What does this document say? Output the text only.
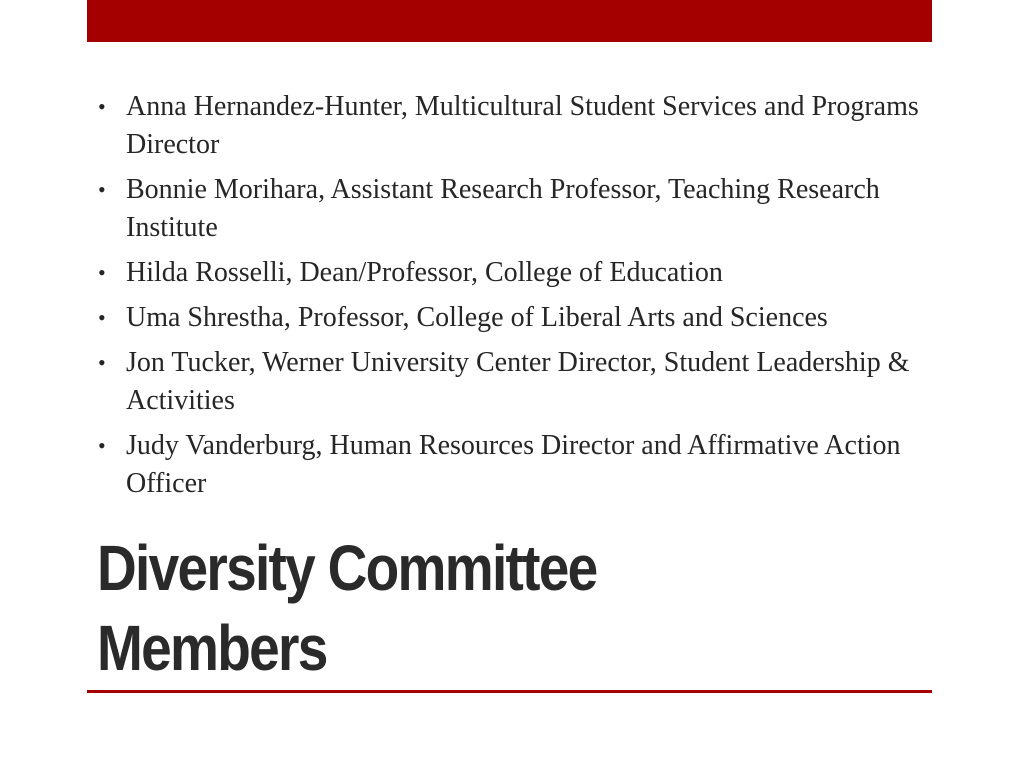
• Anna Hernandez-Hunter, Multicultural Student Services and Programs Director
• Bonnie Morihara, Assistant Research Professor, Teaching Research Institute
• Hilda Rosselli, Dean/Professor, College of Education
• Uma Shrestha, Professor, College of Liberal Arts and Sciences
• Jon Tucker, Werner University Center Director, Student Leadership & Activities
• Judy Vanderburg, Human Resources Director and Affirmative Action Officer
Diversity Committee
Members
